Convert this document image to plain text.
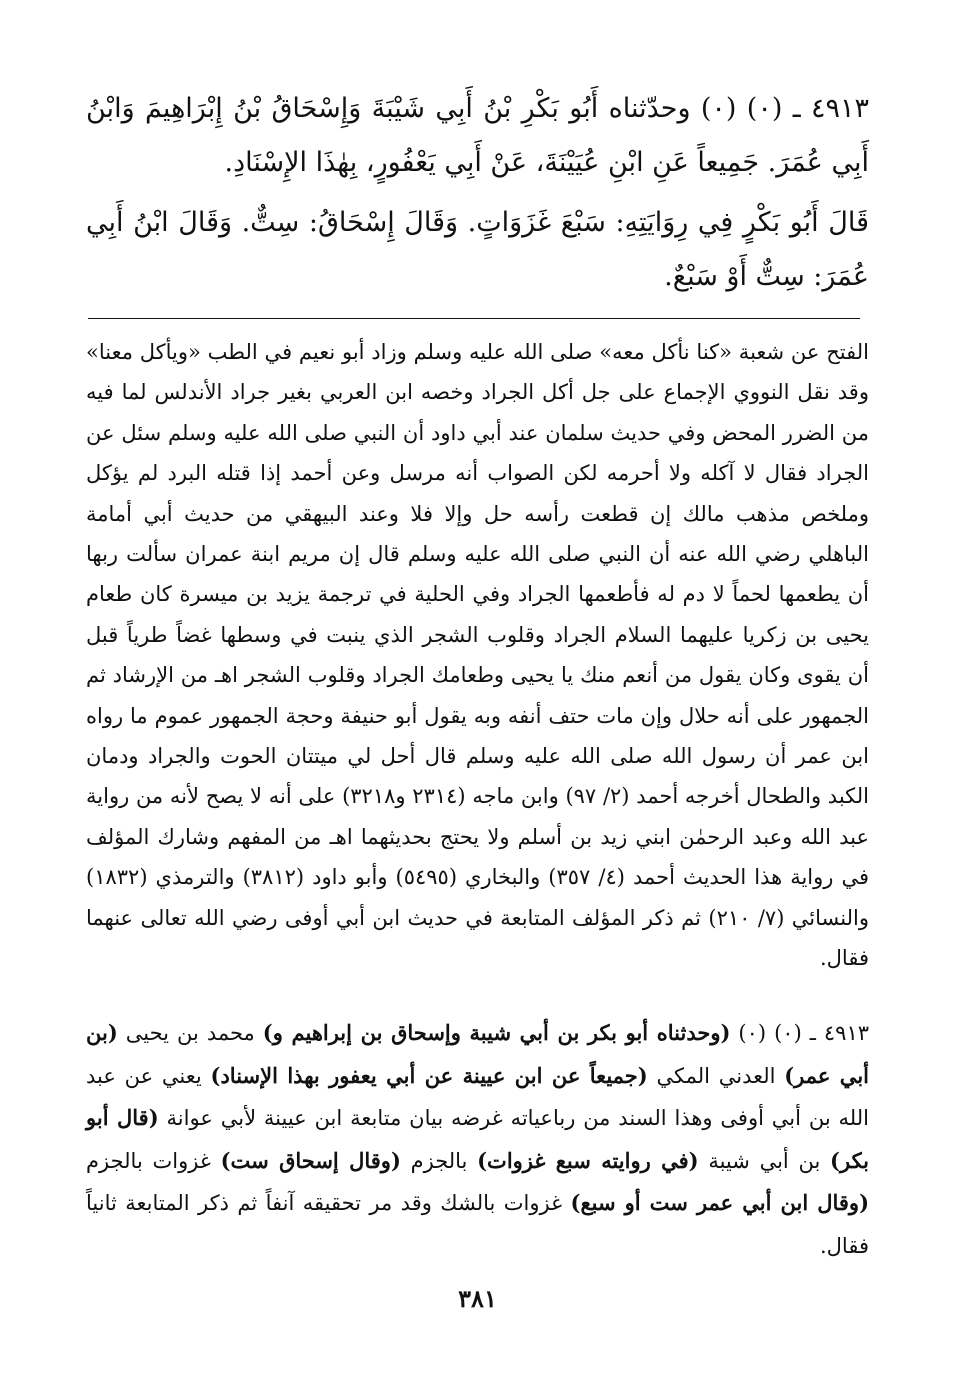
٤٩١٣ ـ (٠) (٠) وحدّثناه أَبُو بَكْرِ بْنُ أَبِي شَيْبَةَ وَإِسْحَاقُ بْنُ إِبْرَاهِيمَ وَابْنُ أَبِي عُمَرَ. جَمِيعاً عَنِ ابْنِ عُيَيْنَةَ، عَنْ أَبِي يَعْفُورٍ، بِهٰذَا الإِسْنَادِ.

قَالَ أَبُو بَكْرٍ فِي رِوَايَتِهِ: سَبْعَ غَزَوَاتٍ. وَقَالَ إِسْحَاقُ: سِتٌّ. وَقَالَ ابْنُ أَبِي عُمَرَ: سِتٌّ أَوْ سَبْعٌ.

الفتح عن شعبة «كنا نأكل معه» صلى الله عليه وسلم وزاد أبو نعيم في الطب «ويأكل معنا» وقد نقل النووي الإجماع على جل أكل الجراد وخصه ابن العربي بغير جراد الأندلس لما فيه من الضرر المحض وفي حديث سلمان عند أبي داود أن النبي صلى الله عليه وسلم سئل عن الجراد فقال لا آكله ولا أحرمه لكن الصواب أنه مرسل وعن أحمد إذا قتله البرد لم يؤكل وملخص مذهب مالك إن قطعت رأسه حل وإلا فلا وعند البيهقي من حديث أبي أمامة الباهلي رضي الله عنه أن النبي صلى الله عليه وسلم قال إن مريم ابنة عمران سألت ربها أن يطعمها لحماً لا دم له فأطعمها الجراد وفي الحلية في ترجمة يزيد بن ميسرة كان طعام يحيى بن زكريا عليهما السلام الجراد وقلوب الشجر الذي ينبت في وسطها غضاً طرياً قبل أن يقوى وكان يقول من أنعم منك يا يحيى وطعامك الجراد وقلوب الشجر اهـ من الإرشاد ثم الجمهور على أنه حلال وإن مات حتف أنفه وبه يقول أبو حنيفة وحجة الجمهور عموم ما رواه ابن عمر أن رسول الله صلى الله عليه وسلم قال أحل لي ميتتان الحوت والجراد ودمان الكبد والطحال أخرجه أحمد (٢/ ٩٧) وابن ماجه (٢٣١٤ و٣٢١٨) على أنه لا يصح لأنه من رواية عبد الله وعبد الرحمٰن ابني زيد بن أسلم ولا يحتج بحديثهما اهـ من المفهم وشارك المؤلف في رواية هذا الحديث أحمد (٤/ ٣٥٧) والبخاري (٥٤٩٥) وأبو داود (٣٨١٢) والترمذي (١٨٣٢) والنسائي (٧/ ٢١٠) ثم ذكر المؤلف المتابعة في حديث ابن أبي أوفى رضي الله تعالى عنهما فقال.

٤٩١٣ ـ (٠) (٠) (وحدثناه أبو بكر بن أبي شيبة وإسحاق بن إبراهيم و) محمد بن يحيى (بن أبي عمر) العدني المكي (جميعاً عن ابن عيينة عن أبي يعفور بهذا الإسناد) يعني عن عبد الله بن أبي أوفى وهذا السند من رباعياته غرضه بيان متابعة ابن عيينة لأبي عوانة (قال أبو بكر) بن أبي شيبة (في روايته سبع غزوات) بالجزم (وقال إسحاق ست) غزوات بالجزم (وقال ابن أبي عمر ست أو سبع) غزوات بالشك وقد مر تحقيقه آنفاً ثم ذكر المتابعة ثانياً فقال.

٣٨١
